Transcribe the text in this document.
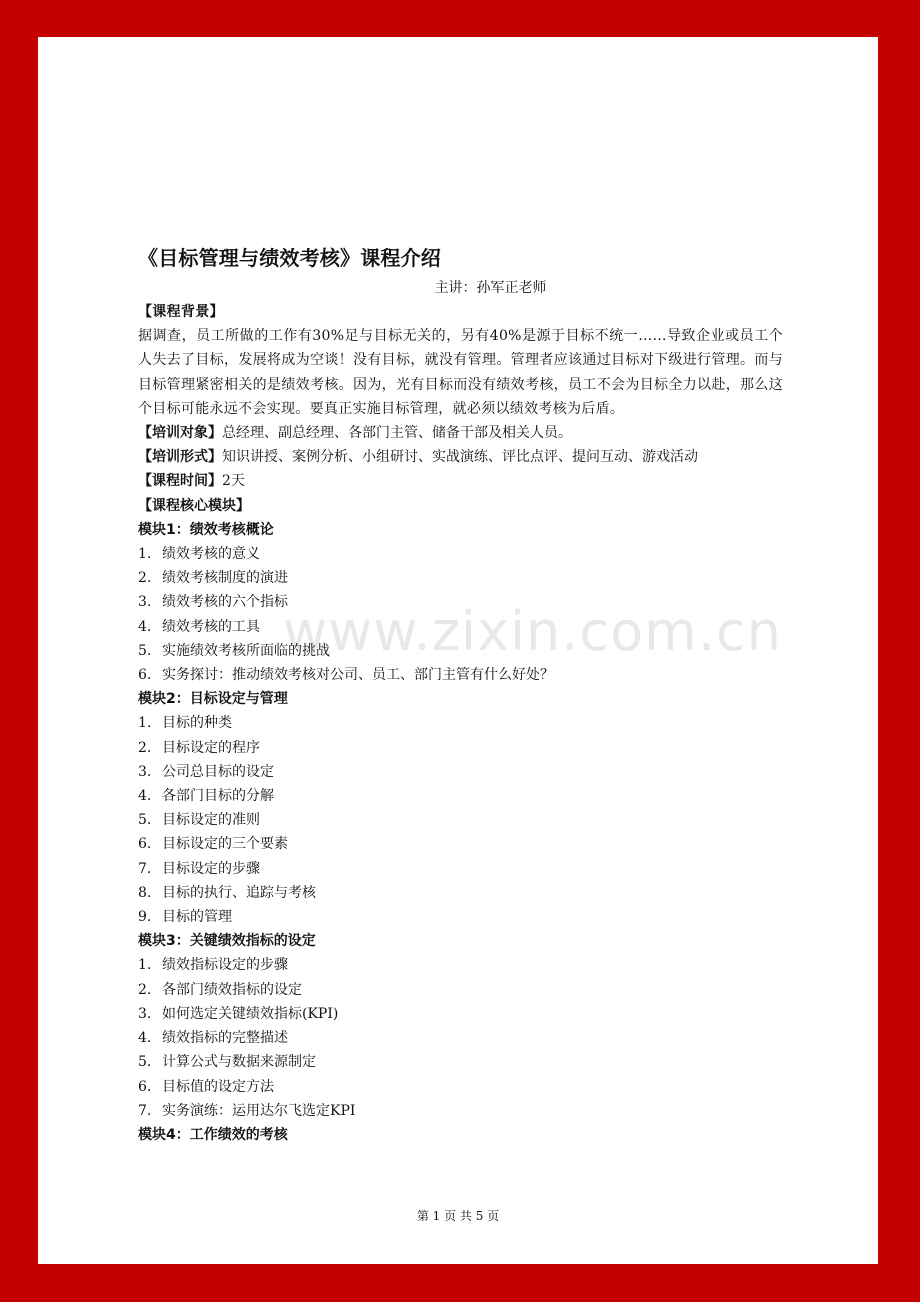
www.zixin.com.cn
《目标管理与绩效考核》课程介绍
主讲：孙军正老师
【课程背景】
据调查，员工所做的工作有30%足与目标无关的，另有40%是源于目标不统一……导致企业或员工个人失去了目标，发展将成为空谈！没有目标，就没有管理。管理者应该通过目标对下级进行管理。而与目标管理紧密相关的是绩效考核。因为，光有目标而没有绩效考核，员工不会为目标全力以赴，那么这个目标可能永远不会实现。要真正实施目标管理，就必须以绩效考核为后盾。
【培训对象】总经理、副总经理、各部门主管、储备干部及相关人员。
【培训形式】知识讲授、案例分析、小组研讨、实战演练、评比点评、提问互动、游戏活动
【课程时间】2天
【课程核心模块】
模块1：绩效考核概论
1. 绩效考核的意义
2. 绩效考核制度的演进
3. 绩效考核的六个指标
4. 绩效考核的工具
5. 实施绩效考核所面临的挑战
6. 实务探讨：推动绩效考核对公司、员工、部门主管有什么好处？
模块2：目标设定与管理
1. 目标的种类
2. 目标设定的程序
3. 公司总目标的设定
4. 各部门目标的分解
5. 目标设定的准则
6. 目标设定的三个要素
7. 目标设定的步骤
8. 目标的执行、追踪与考核
9. 目标的管理
模块3：关键绩效指标的设定
1. 绩效指标设定的步骤
2. 各部门绩效指标的设定
3. 如何选定关键绩效指标(KPI)
4. 绩效指标的完整描述
5. 计算公式与数据来源制定
6. 目标值的设定方法
7. 实务演练：运用达尔飞选定KPI
模块4：工作绩效的考核
第 1 页 共 5 页
